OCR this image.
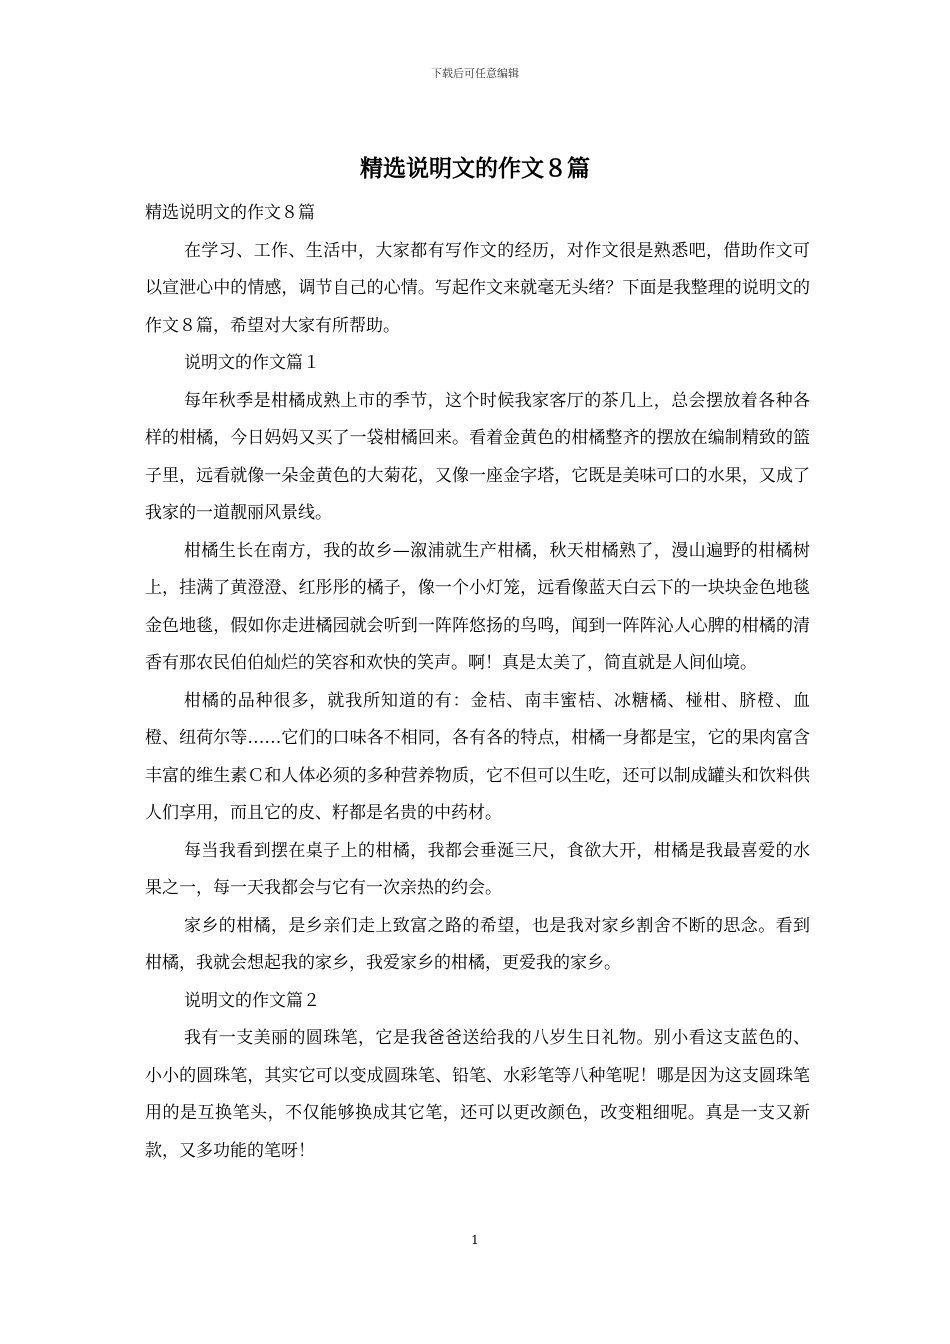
下载后可任意编辑
精选说明文的作文８篇

精选说明文的作文８篇

在学习、工作、生活中，大家都有写作文的经历，对作文很是熟悉吧，借助作文可以宣泄心中的情感，调节自己的心情。写起作文来就毫无头绪？下面是我整理的说明文的作文８篇，希望对大家有所帮助。

说明文的作文篇１

每年秋季是柑橘成熟上市的季节，这个时候我家客厅的茶几上，总会摆放着各种各样的柑橘，今日妈妈又买了一袋柑橘回来。看着金黄色的柑橘整齐的摆放在编制精致的篮子里，远看就像一朵金黄色的大菊花，又像一座金字塔，它既是美味可口的水果，又成了我家的一道靓丽风景线。

柑橘生长在南方，我的故乡—溆浦就生产柑橘，秋天柑橘熟了，漫山遍野的柑橘树上，挂满了黄澄澄、红彤彤的橘子，像一个小灯笼，远看像蓝天白云下的一块块金色地毯金色地毯，假如你走进橘园就会听到一阵阵悠扬的鸟鸣，闻到一阵阵沁人心脾的柑橘的清香有那农民伯伯灿烂的笑容和欢快的笑声。啊！真是太美了，简直就是人间仙境。

柑橘的品种很多，就我所知道的有：金桔、南丰蜜桔、冰糖橘、椪柑、脐橙、血橙、纽荷尔等……它们的口味各不相同，各有各的特点，柑橘一身都是宝，它的果肉富含丰富的维生素Ｃ和人体必须的多种营养物质，它不但可以生吃，还可以制成罐头和饮料供人们享用，而且它的皮、籽都是名贵的中药材。

每当我看到摆在桌子上的柑橘，我都会垂涎三尺，食欲大开，柑橘是我最喜爱的水果之一，每一天我都会与它有一次亲热的约会。

家乡的柑橘，是乡亲们走上致富之路的希望，也是我对家乡割舍不断的思念。看到柑橘，我就会想起我的家乡，我爱家乡的柑橘，更爱我的家乡。

说明文的作文篇２

我有一支美丽的圆珠笔，它是我爸爸送给我的八岁生日礼物。别小看这支蓝色的、小小的圆珠笔，其实它可以变成圆珠笔、铅笔、水彩笔等八种笔呢！哪是因为这支圆珠笔用的是互换笔头，不仅能够换成其它笔，还可以更改颜色，改变粗细呢。真是一支又新款，又多功能的笔呀！

1
